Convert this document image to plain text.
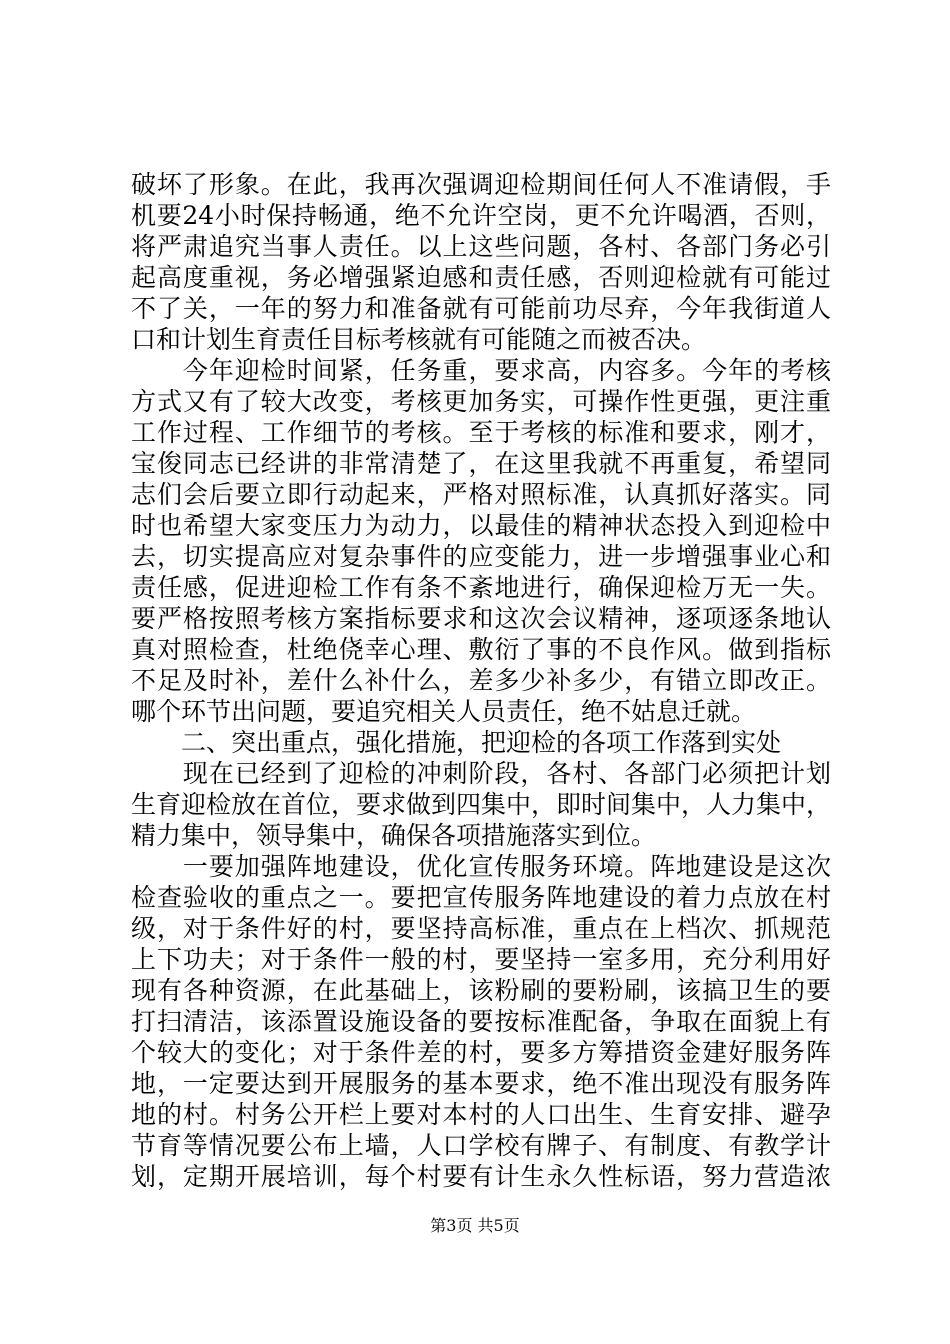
破坏了形象。在此，我再次强调迎检期间任何人不准请假，手
机要24小时保持畅通，绝不允许空岗，更不允许喝酒，否则，
将严肃追究当事人责任。以上这些问题，各村、各部门务必引
起高度重视，务必增强紧迫感和责任感，否则迎检就有可能过
不了关，一年的努力和准备就有可能前功尽弃，今年我街道人
口和计划生育责任目标考核就有可能随之而被否决。
　　今年迎检时间紧，任务重，要求高，内容多。今年的考核
方式又有了较大改变，考核更加务实，可操作性更强，更注重
工作过程、工作细节的考核。至于考核的标准和要求，刚才，
宝俊同志已经讲的非常清楚了，在这里我就不再重复，希望同
志们会后要立即行动起来，严格对照标准，认真抓好落实。同
时也希望大家变压力为动力，以最佳的精神状态投入到迎检中
去，切实提高应对复杂事件的应变能力，进一步增强事业心和
责任感，促进迎检工作有条不紊地进行，确保迎检万无一失。
要严格按照考核方案指标要求和这次会议精神，逐项逐条地认
真对照检查，杜绝侥幸心理、敷衍了事的不良作风。做到指标
不足及时补，差什么补什么，差多少补多少，有错立即改正。
哪个环节出问题，要追究相关人员责任，绝不姑息迁就。
　　二、突出重点，强化措施，把迎检的各项工作落到实处
　　现在已经到了迎检的冲刺阶段，各村、各部门必须把计划
生育迎检放在首位，要求做到四集中，即时间集中，人力集中，
精力集中，领导集中，确保各项措施落实到位。
　　一要加强阵地建设，优化宣传服务环境。阵地建设是这次
检查验收的重点之一。要把宣传服务阵地建设的着力点放在村
级，对于条件好的村，要坚持高标准，重点在上档次、抓规范
上下功夫；对于条件一般的村，要坚持一室多用，充分利用好
现有各种资源，在此基础上，该粉刷的要粉刷，该搞卫生的要
打扫清洁，该添置设施设备的要按标准配备，争取在面貌上有
个较大的变化；对于条件差的村，要多方筹措资金建好服务阵
地，一定要达到开展服务的基本要求，绝不准出现没有服务阵
地的村。村务公开栏上要对本村的人口出生、生育安排、避孕
节育等情况要公布上墙，人口学校有牌子、有制度、有教学计
划，定期开展培训，每个村要有计生永久性标语，努力营造浓
第3页 共5页
